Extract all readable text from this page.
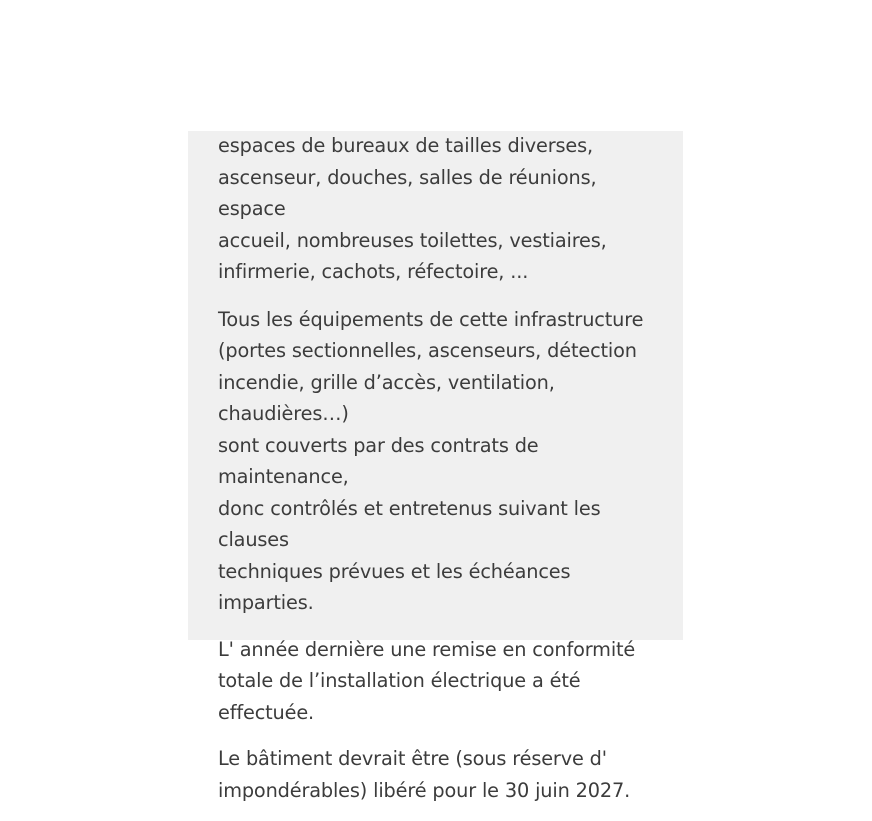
espaces de bureaux de tailles diverses,
ascenseur, douches, salles de réunions, espace
accueil, nombreuses toilettes, vestiaires,
infirmerie, cachots, réfectoire, ...

Tous les équipements de cette infrastructure
(portes sectionnelles, ascenseurs, détection
incendie, grille d’accès, ventilation, chaudières…)
sont couverts par des contrats de maintenance,
donc contrôlés et entretenus suivant les clauses
techniques prévues et les échéances imparties.

L' année dernière une remise en conformité
totale de l’installation électrique a été effectuée.

Le bâtiment devrait être (sous réserve d'
impondérables) libéré pour le 30 juin 2027.
